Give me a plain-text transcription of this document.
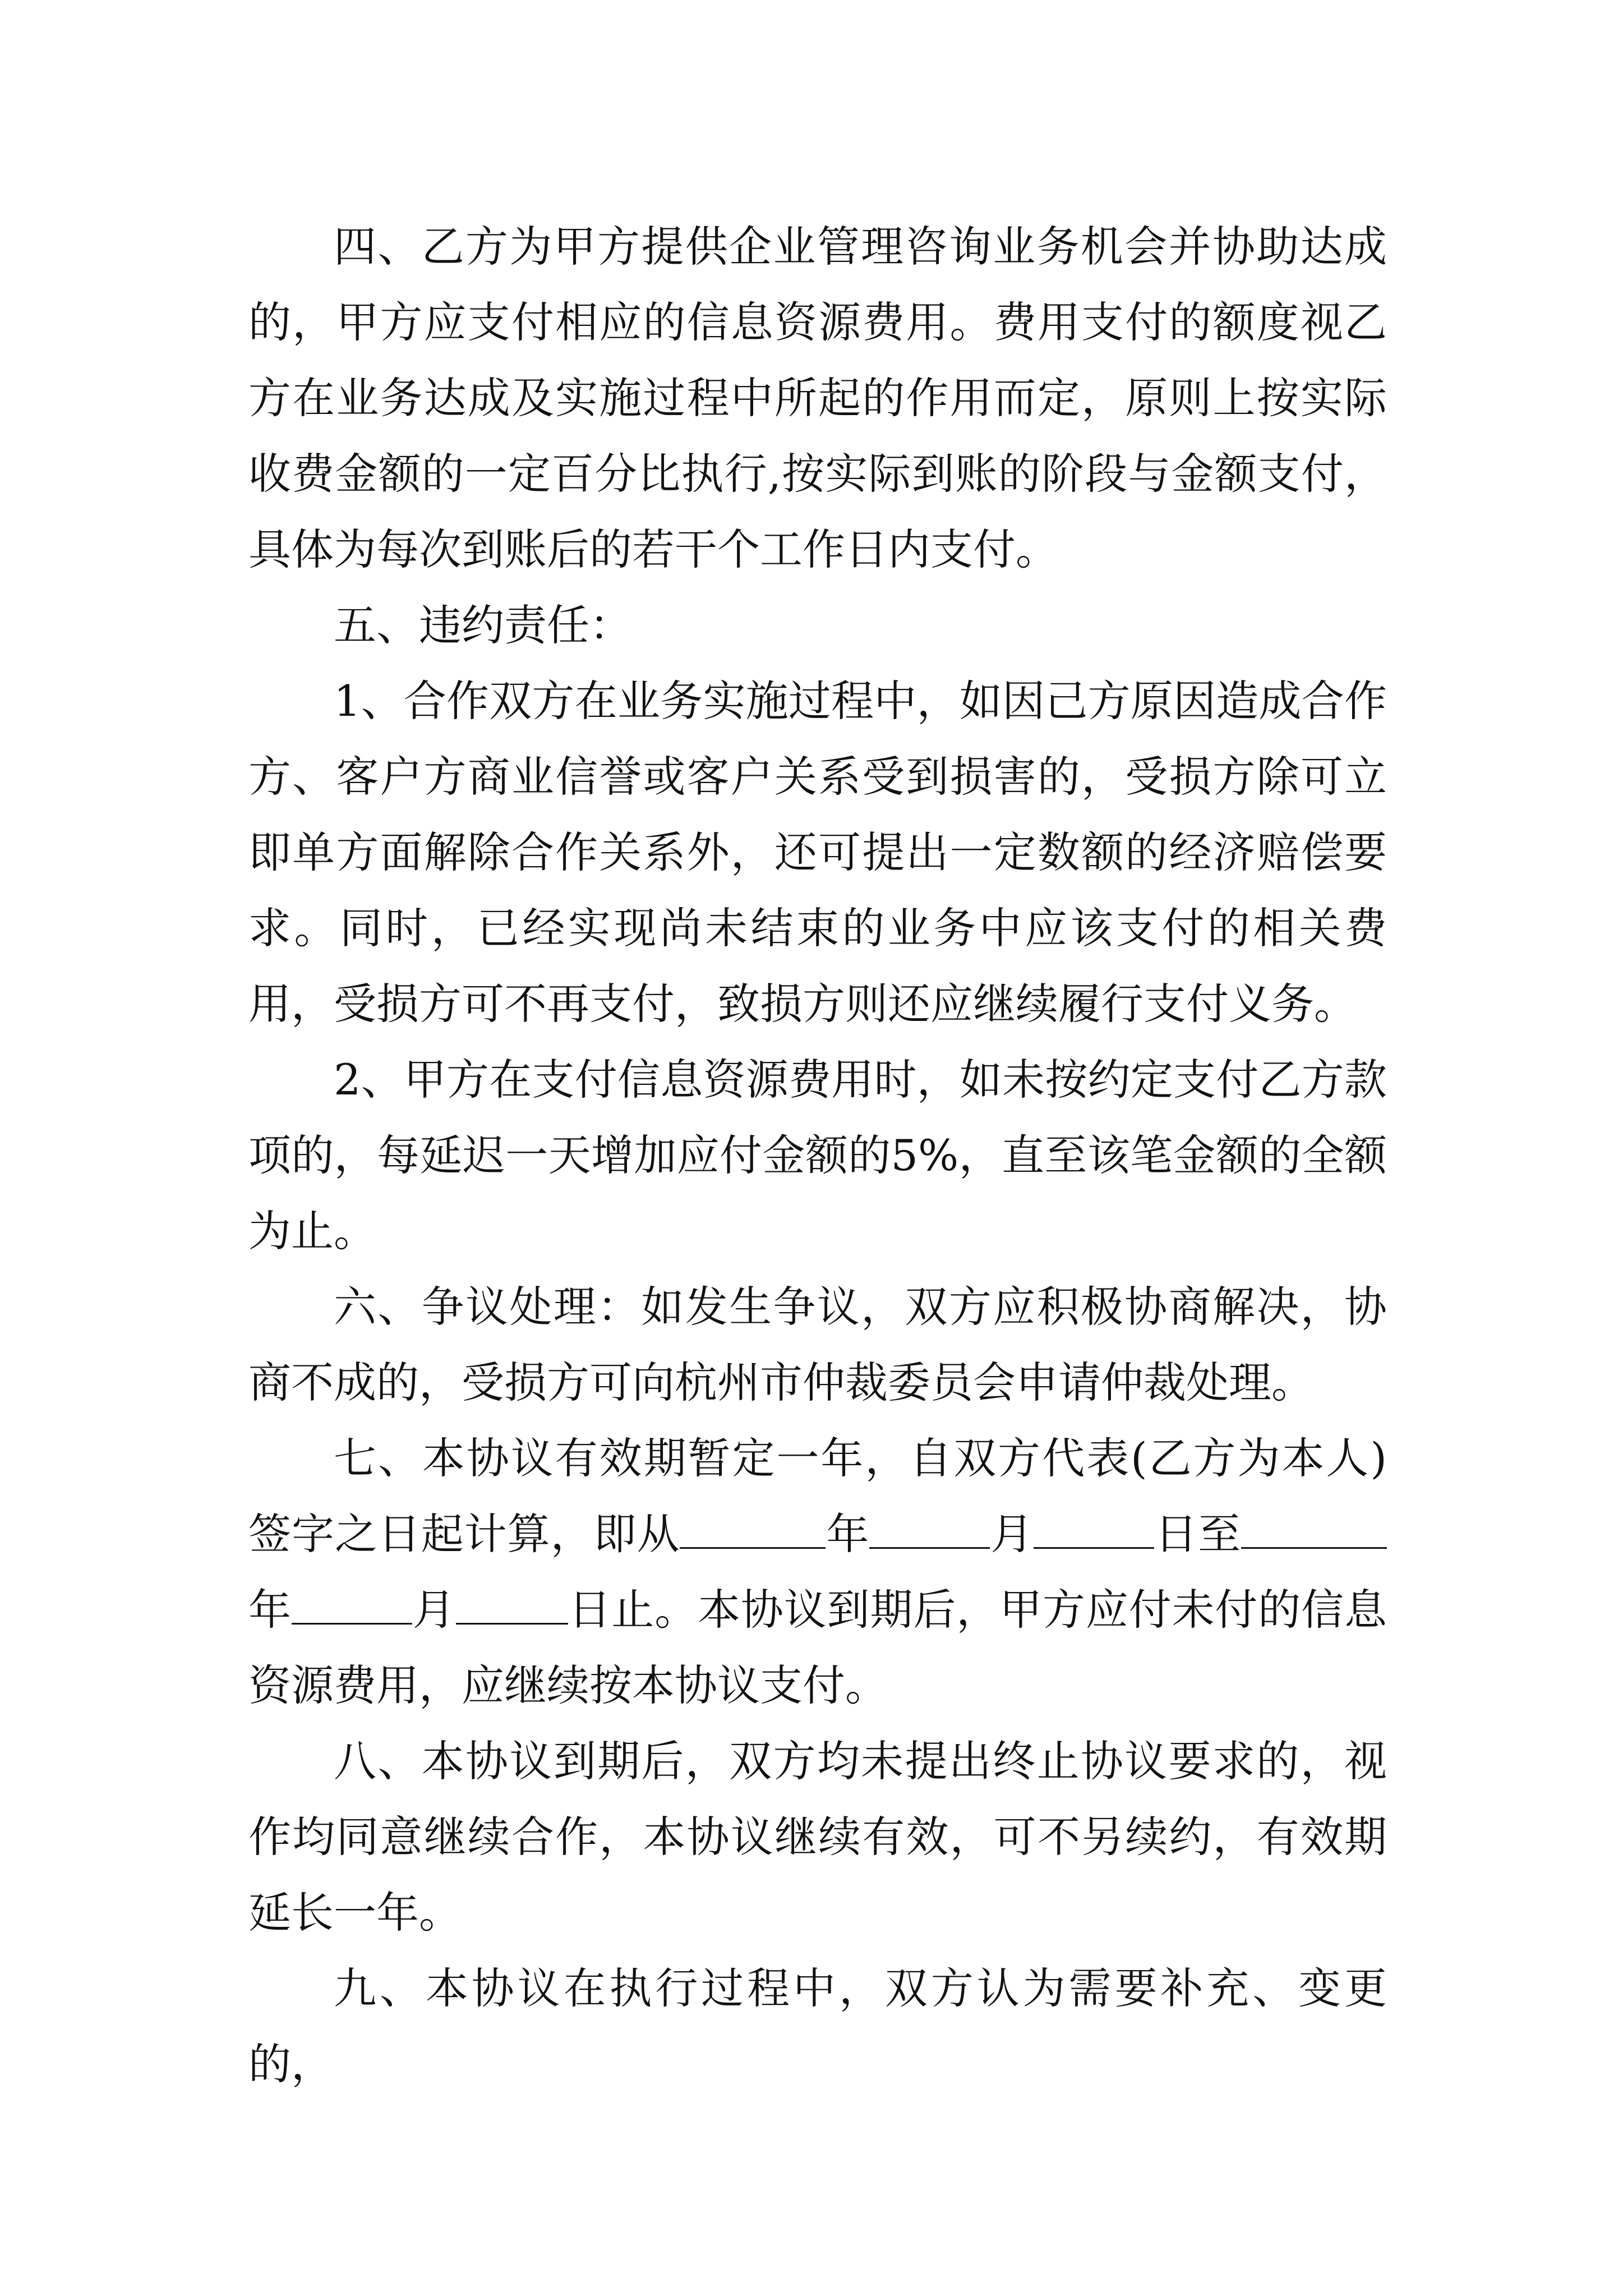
四、乙方为甲方提供企业管理咨询业务机会并协助达成的，甲方应支付相应的信息资源费用。费用支付的额度视乙方在业务达成及实施过程中所起的作用而定，原则上按实际收费金额的一定百分比执行,按实际到账的阶段与金额支付，具体为每次到账后的若干个工作日内支付。

五、违约责任：

1、合作双方在业务实施过程中，如因己方原因造成合作方、客户方商业信誉或客户关系受到损害的，受损方除可立即单方面解除合作关系外，还可提出一定数额的经济赔偿要求。同时，已经实现尚未结束的业务中应该支付的相关费用，受损方可不再支付，致损方则还应继续履行支付义务。

2、甲方在支付信息资源费用时，如未按约定支付乙方款项的，每延迟一天增加应付金额的5%，直至该笔金额的全额为止。

六、争议处理：如发生争议，双方应积极协商解决，协商不成的，受损方可向杭州市仲裁委员会申请仲裁处理。

七、本协议有效期暂定一年，自双方代表(乙方为本人)签字之日起计算，即从	年	月	日至年	月	日止。本协议到期后，甲方应付未付的信息资源费用，应继续按本协议支付。

八、本协议到期后，双方均未提出终止协议要求的，视作均同意继续合作，本协议继续有效，可不另续约，有效期延长一年。

九、本协议在执行过程中，双方认为需要补充、变更的，
